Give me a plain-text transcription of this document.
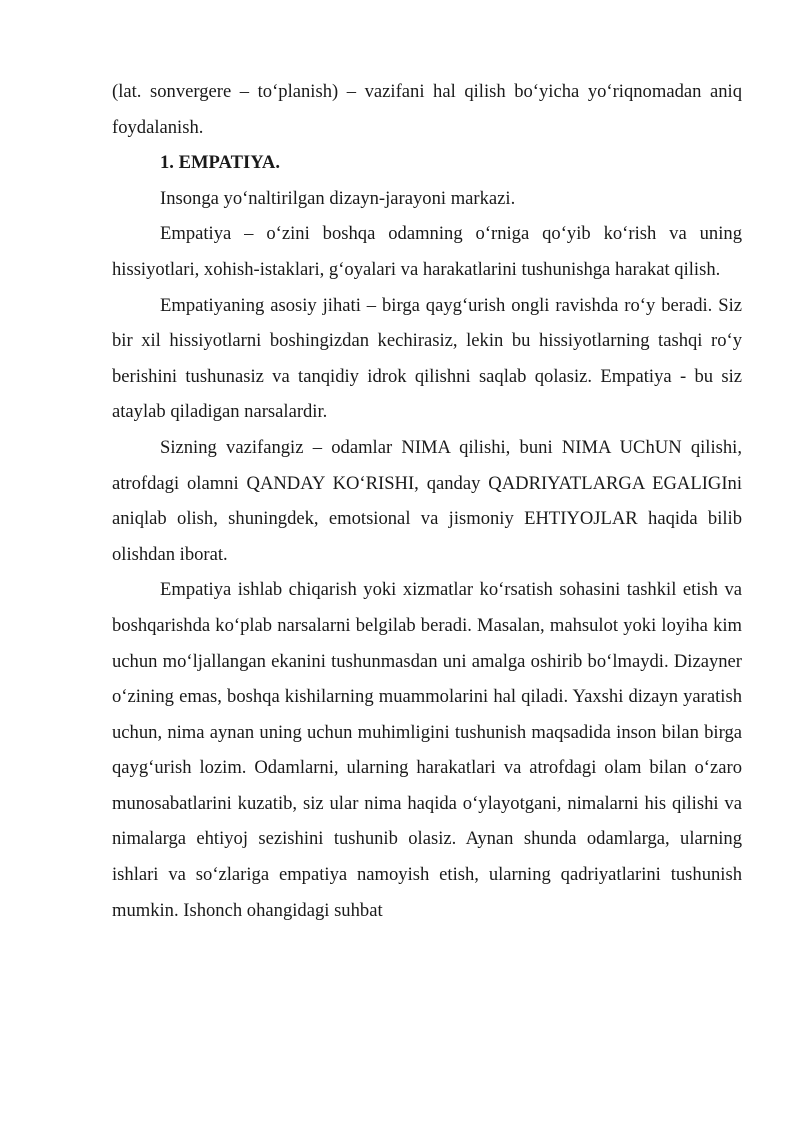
(lat. sonvergere – to‘planish) – vazifani hal qilish bo‘yicha yo‘riqnomadan aniq foydalanish.

1. EMPATIYA.

Insonga yo‘naltirilgan dizayn-jarayoni markazi.

Empatiya – o‘zini boshqa odamning o‘rniga qo‘yib ko‘rish va uning hissiyotlari, xohish-istaklari, g‘oyalari va harakatlarini tushunishga harakat qilish.

Empatiyaning asosiy jihati – birga qayg‘urish ongli ravishda ro‘y beradi. Siz bir xil hissiyotlarni boshingizdan kechirasiz, lekin bu hissiyotlarning tashqi ro‘y berishini tushunasiz va tanqidiy idrok qilishni saqlab qolasiz. Empatiya - bu siz ataylab qiladigan narsalardir.

Sizning vazifangiz – odamlar NIMA qilishi, buni NIMA UChUN qilishi, atrofdagi olamni QANDAY KO‘RISHI, qanday QADRIYATLARGA EGALIGIni aniqlab olish, shuningdek, emotsional va jismoniy EHTIYOJLAR haqida bilib olishdan iborat.

Empatiya ishlab chiqarish yoki xizmatlar ko‘rsatish sohasini tashkil etish va boshqarishda ko‘plab narsalarni belgilab beradi. Masalan, mahsulot yoki loyiha kim uchun mo‘ljallangan ekanini tushunmasdan uni amalga oshirib bo‘lmaydi. Dizayner o‘zining emas, boshqa kishilarning muammolarini hal qiladi. Yaxshi dizayn yaratish uchun, nima aynan uning uchun muhimligini tushunish maqsadida inson bilan birga qayg‘urish lozim. Odamlarni, ularning harakatlari va atrofdagi olam bilan o‘zaro munosabatlarini kuzatib, siz ular nima haqida o‘ylayotgani, nimalarni his qilishi va nimalarga ehtiyoj sezishini tushunib olasiz. Aynan shunda odamlarga, ularning ishlari va so‘zlariga empatiya namoyish etish, ularning qadriyatlarini tushunish mumkin. Ishonch ohangidagi suhbat
